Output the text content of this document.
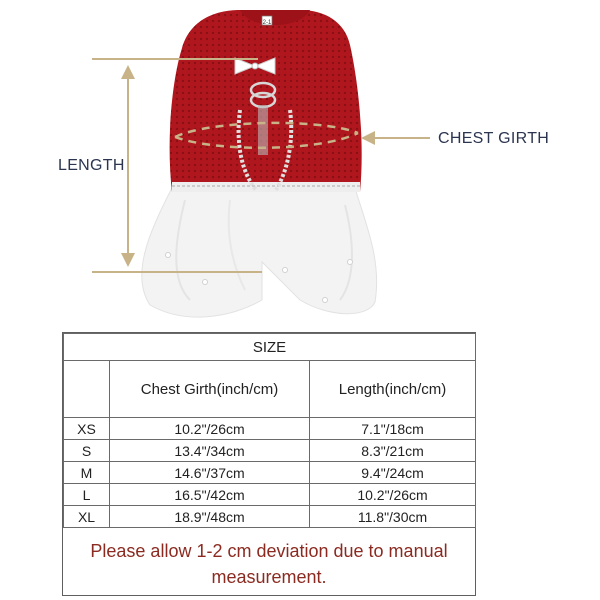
2-1
LENGTH
CHEST GIRTH
SIZE		
	Chest Girth(inch/cm)	Length(inch/cm)
XS	10.2"/26cm	7.1"/18cm
S	13.4"/34cm	8.3"/21cm
M	14.6"/37cm	9.4"/24cm
L	16.5"/42cm	10.2"/26cm
XL	18.9"/48cm	11.8"/30cm
Please allow 1-2 cm deviation due to manual measurement.
